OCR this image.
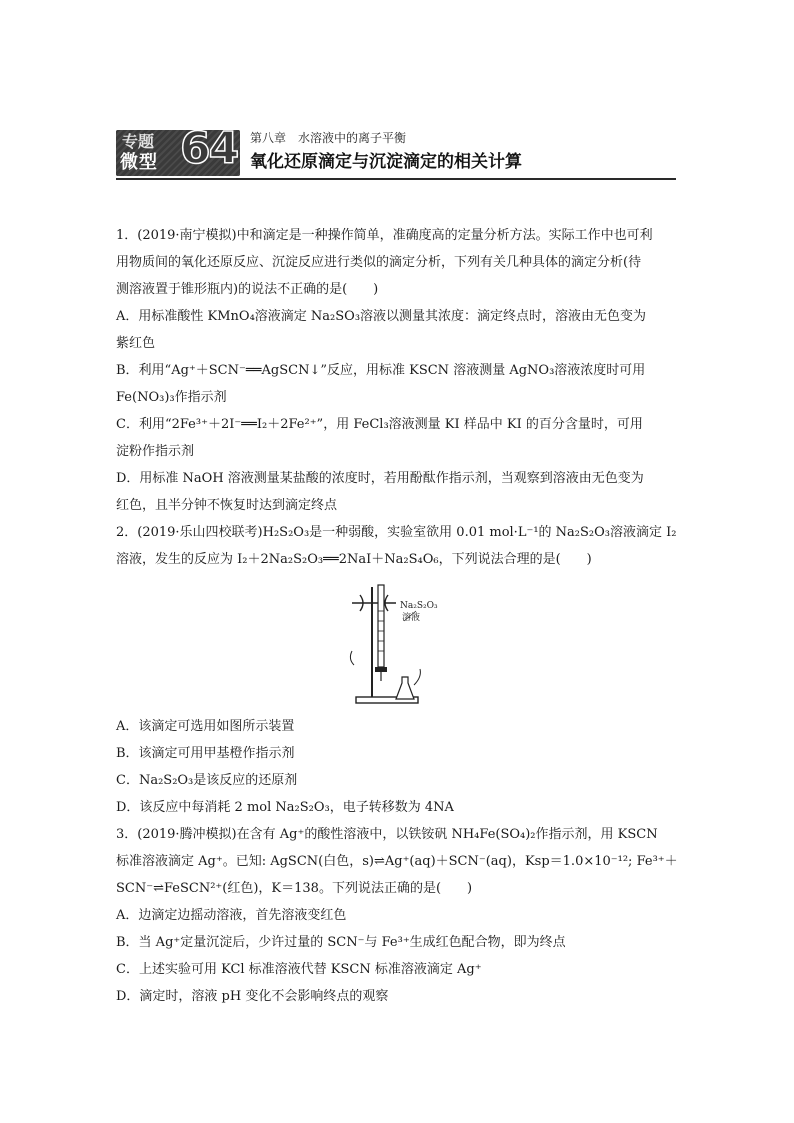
专题
微型 64 第八章　水溶液中的离子平衡
氧化还原滴定与沉淀滴定的相关计算
1．(2019·南宁模拟)中和滴定是一种操作简单，准确度高的定量分析方法。实际工作中也可利
用物质间的氧化还原反应、沉淀反应进行类似的滴定分析，下列有关几种具体的滴定分析(待
测溶液置于锥形瓶内)的说法不正确的是(　　)
A．用标准酸性 KMnO₄溶液滴定 Na₂SO₃溶液以测量其浓度：滴定终点时，溶液由无色变为
紫红色
B．利用“Ag⁺＋SCN⁻══AgSCN↓”反应，用标准 KSCN 溶液测量 AgNO₃溶液浓度时可用
Fe(NO₃)₃作指示剂
C．利用“2Fe³⁺＋2I⁻══I₂＋2Fe²⁺”，用 FeCl₃溶液测量 KI 样品中 KI 的百分含量时，可用
淀粉作指示剂
D．用标准 NaOH 溶液测量某盐酸的浓度时，若用酚酞作指示剂，当观察到溶液由无色变为
红色，且半分钟不恢复时达到滴定终点
2．(2019·乐山四校联考)H₂S₂O₃是一种弱酸，实验室欲用 0.01 mol·L⁻¹的 Na₂S₂O₃溶液滴定 I₂
溶液，发生的反应为 I₂＋2Na₂S₂O₃══2NaI＋Na₂S₄O₆，下列说法合理的是(　　)
Na₂S₂O₃
溶液
A．该滴定可选用如图所示装置
B．该滴定可用甲基橙作指示剂
C．Na₂S₂O₃是该反应的还原剂
D．该反应中每消耗 2 mol Na₂S₂O₃，电子转移数为 4NA
3．(2019·腾冲模拟)在含有 Ag⁺的酸性溶液中，以铁铵矾 NH₄Fe(SO₄)₂作指示剂，用 KSCN
标准溶液滴定 Ag⁺。已知: AgSCN(白色，s)⇌Ag⁺(aq)＋SCN⁻(aq)，Ksp＝1.0×10⁻¹²; Fe³⁺＋
SCN⁻⇌FeSCN²⁺(红色)，K＝138。下列说法正确的是(　　)
A．边滴定边摇动溶液，首先溶液变红色
B．当 Ag⁺定量沉淀后，少许过量的 SCN⁻与 Fe³⁺生成红色配合物，即为终点
C．上述实验可用 KCl 标准溶液代替 KSCN 标准溶液滴定 Ag⁺
D．滴定时，溶液 pH 变化不会影响终点的观察
